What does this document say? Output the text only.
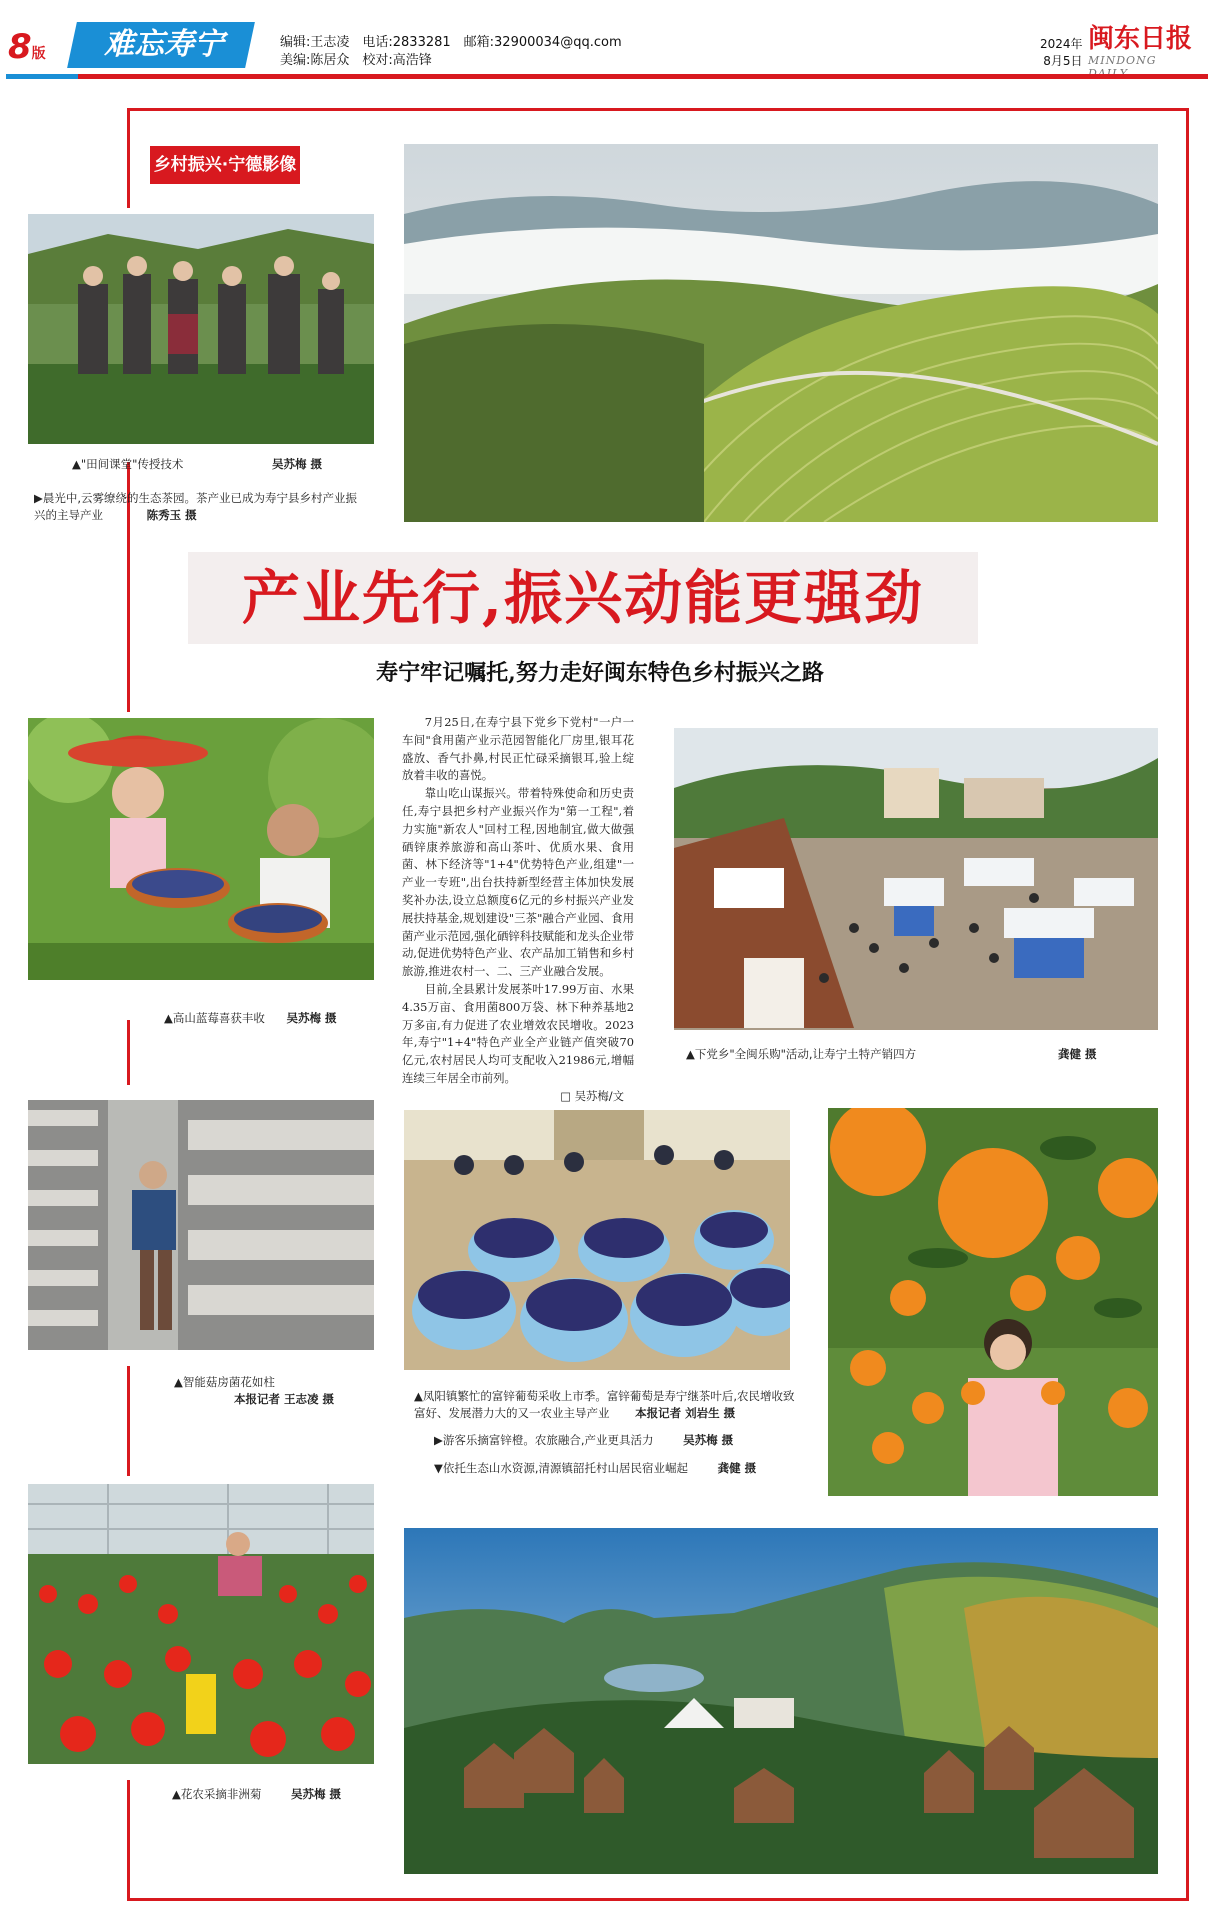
8版	难忘寿宁	编辑:王志凌　电话:2833281　邮箱:32900034@qq.com
美编:陈居众　校对:高浩锋
2024年
8月5日
闽东日报
MINDONG
乡村振兴·宁德影像
▲"田间课堂"传授技术	吴苏梅 摄
▶晨光中,云雾缭绕的生态茶园。茶产业已成为寿宁县乡村产业振兴的主导产业	陈秀玉 摄
产业先行,振兴动能更强劲
寿宁牢记嘱托,努力走好闽东特色乡村振兴之路
▲高山蓝莓喜获丰收 吴苏梅 摄

7月25日,在寿宁县下党乡下党村"一户一车间"食用菌产业示范园智能化厂房里,银耳花盛放、香气扑鼻,村民正忙碌采摘银耳,验上绽放着丰收的喜悦。

靠山吃山谋振兴。带着特殊使命和历史责任,寿宁县把乡村产业振兴作为"第一工程",着力实施"新农人"回村工程,因地制宜,做大做强硒锌康养旅游和高山茶叶、优质水果、食用菌、林下经济等"1+4"优势特色产业,组建"一产业一专班",出台扶持新型经营主体加快发展奖补办法,设立总额度6亿元的乡村振兴产业发展扶持基金,规划建设"三茶"融合产业园、食用菌产业示范园,强化硒锌科技赋能和龙头企业带动,促进优势特色产业、农产品加工销售和乡村旅游,推进农村一、二、三产业融合发展。

目前,全县累计发展茶叶17.99万亩、水果4.35万亩、食用菌800万袋、林下种养基地2万多亩,有力促进了农业增效农民增收。2023年,寿宁"1+4"特色产业全产业链产值突破70亿元,农村居民人均可支配收入21986元,增幅连续三年居全市前列。

□ 吴苏梅/文
▲下党乡"全闽乐购"活动,让寿宁土特产销四方	龚健 摄
▲智能菇房菌花如柱
本报记者 王志凌 摄	▲凤阳镇繁忙的富锌葡萄采收上市季。富锌葡萄是寿宁继茶叶后,农民增收致富好、发展潜力大的又一农业主导产业 本报记者 刘岩生 摄
▶游客乐摘富锌橙。农旅融合,产业更具活力	吴苏梅 摄
▼依托生态山水资源,清源镇韶托村山居民宿业崛起	龚健 摄
▲花农采摘非洲菊	吴苏梅 摄
